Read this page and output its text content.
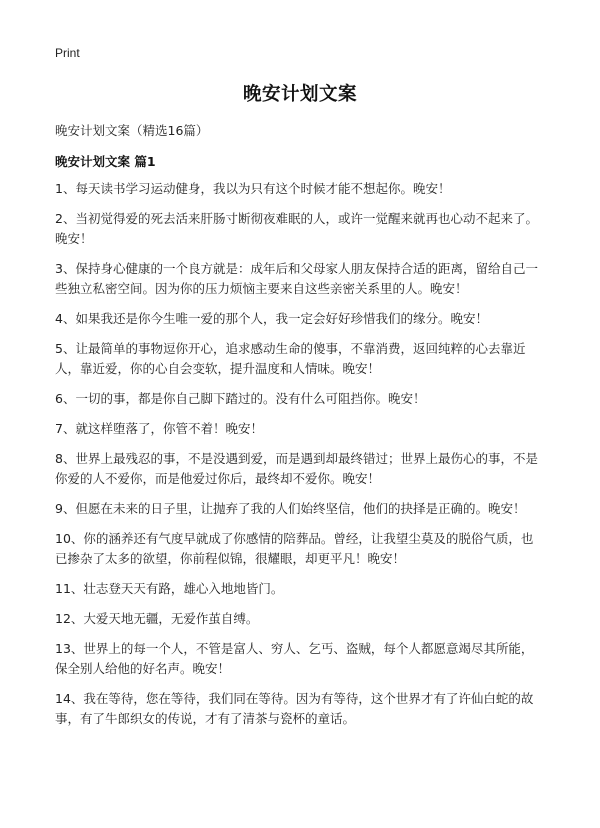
Print
晚安计划文案
晚安计划文案（精选16篇）
晚安计划文案 篇1
1、每天读书学习运动健身，我以为只有这个时候才能不想起你。晚安！
2、当初觉得爱的死去活来肝肠寸断彻夜难眠的人，或许一觉醒来就再也心动不起来了。晚安！
3、保持身心健康的一个良方就是：成年后和父母家人朋友保持合适的距离，留给自己一些独立私密空间。因为你的压力烦恼主要来自这些亲密关系里的人。晚安！
4、如果我还是你今生唯一爱的那个人，我一定会好好珍惜我们的缘分。晚安！
5、让最简单的事物逗你开心，追求感动生命的傻事，不靠消费，返回纯粹的心去靠近人，靠近爱，你的心自会变软，提升温度和人情味。晚安！
6、一切的事，都是你自己脚下踏过的。没有什么可阻挡你。晚安！
7、就这样堕落了，你管不着！晚安！
8、世界上最残忍的事，不是没遇到爱，而是遇到却最终错过；世界上最伤心的事，不是你爱的人不爱你，而是他爱过你后，最终却不爱你。晚安！
9、但愿在未来的日子里，让抛弃了我的人们始终坚信，他们的抉择是正确的。晚安！
10、你的涵养还有气度早就成了你感情的陪葬品。曾经，让我望尘莫及的脱俗气质，也已掺杂了太多的欲望，你前程似锦，很耀眼，却更平凡！晚安！
11、壮志登天天有路，雄心入地地皆门。
12、大爱天地无疆，无爱作茧自缚。
13、世界上的每一个人，不管是富人、穷人、乞丐、盗贼，每个人都愿意竭尽其所能，保全别人给他的好名声。晚安！
14、我在等待，您在等待，我们同在等待。因为有等待，这个世界才有了许仙白蛇的故事，有了牛郎织女的传说，才有了清茶与瓷杯的童话。
